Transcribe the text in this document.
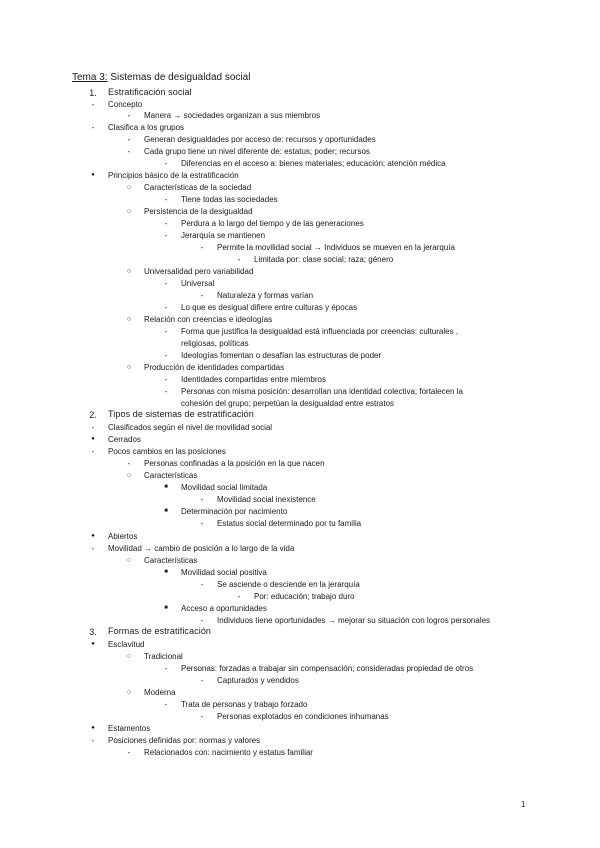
Tema 3: Sistemas de desigualdad social
1. Estratificación social
-	Concepto
-	Manera → sociedades organizan a sus miembros
-	Clasifica a los grupos
-	Generan desigualdades por acceso de: recursos y oportunidades
-	Cada grupo tiene un nivel diferente de: estatus; poder; recursos
-	Diferencias en el acceso a: bienes materiales; educación; atención médica
●	Principios básico de la estratificación
○	Características de la sociedad
-	Tiene todas las sociedades
○	Persistencia de la desigualdad
-	Perdura a lo largo del tiempo y de las generaciones
-	Jerarquía se mantienen
-	Permite la movilidad social → Individuos se mueven en la jerarquía
-	Limitada por: clase social; raza; género
○	Universalidad pero variabilidad
-	Universal
-	Naturaleza y formas varían
-	Lo que es desigual difiere entre culturas y épocas
○	Relación con creencias e ideologías
-	Forma que justifica la desigualdad está influenciada por creencias: culturales ,
religiosas, políticas
-	Ideologías fomentan o desafían las estructuras de poder
○	Producción de identidades compartidas
-	Identidades compartidas entre miembros
-	Personas con misma posición: desarrollan una identidad colectiva; fortalecen la
cohesión del grupo; perpetúan la desigualdad entre estratos
2. Tipos de sistemas de estratificación
-	Clasificados según el nivel de movilidad social
●	Cerrados
-	Pocos cambios en las posiciones
-	Personas confinadas a la posición en la que nacen
○	Características
■	Movilidad social limitada
-	Movilidad social inexistence
■	Determinación por nacimiento
-	Estatus social determinado por tu familia
●	Abiertos
-	Movilidad → cambio de posición a lo largo de la vida
○	Características
■	Movilidad social positiva
-	Se asciende o desciende en la jerarquía
-	Por: educación; trabajo duro
■	Acceso a oportunidades
-	Individuos tiene oportunidades → mejorar su situación con logros personales
3. Formas de estratificación
●	Esclavitud
○	Tradicional
-	Personas: forzadas a trabajar sin compensación; consideradas propiedad de otros
-	Capturados y vendidos
○	Moderna
-	Trata de personas y trabajo forzado
-	Personas explotados en condiciones inhumanas
●	Estamentos
-	Posiciones definidas por: normas y valores
-	Relacionados con: nacimiento y estatus familiar
1
